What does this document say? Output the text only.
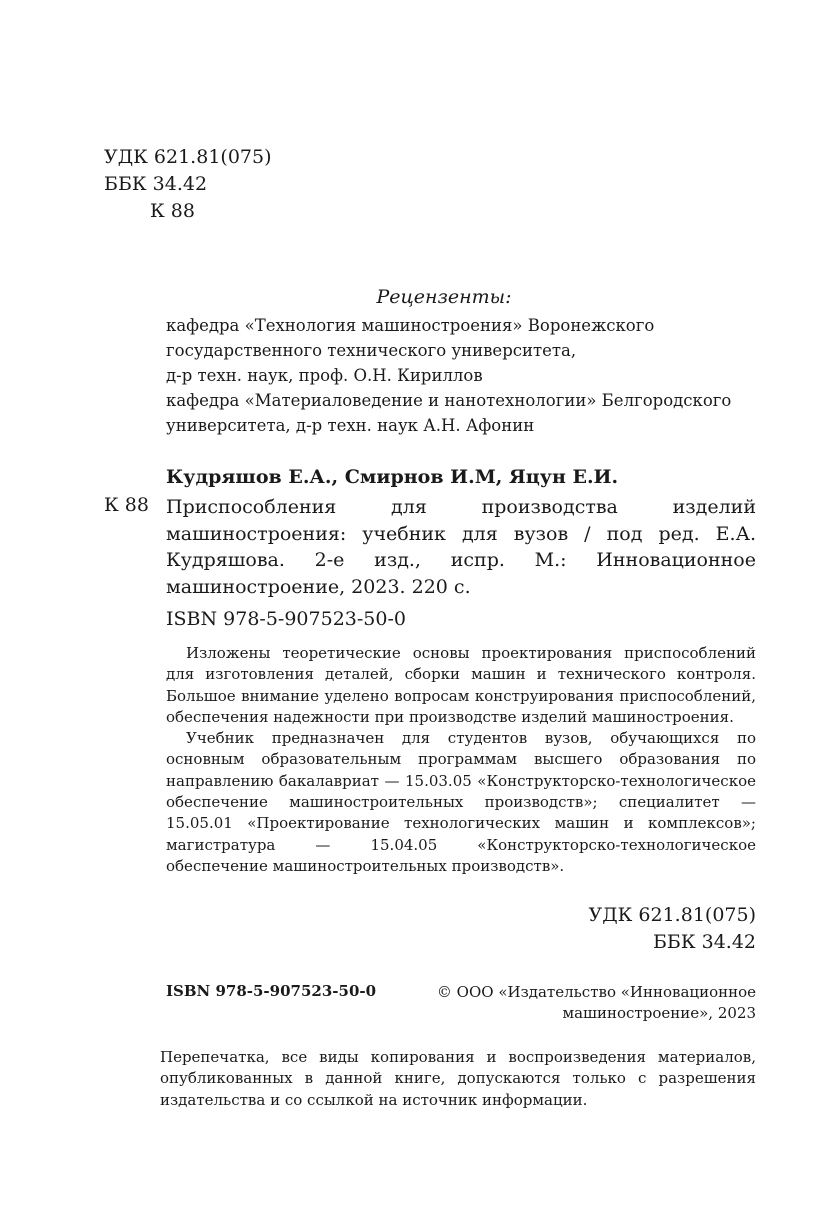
УДК 621.81(075)
ББК 34.42
К 88
Рецензенты:
кафедра «Технология машиностроения» Воронежского
государственного технического университета,
д-р техн. наук, проф. О.Н. Кириллов
кафедра «Материаловедение и нанотехнологии» Белгородского
университета, д-р техн. наук А.Н. Афонин
Кудряшов Е.А., Смирнов И.М, Яцун Е.И.
К 88 Приспособления для производства изделий машиностроения: учебник для вузов / под ред. Е.А. Кудряшова. 2-е изд., испр. М.: Инновационное машиностроение, 2023. 220 с.
ISBN 978-5-907523-50-0

Изложены теоретические основы проектирования приспособлений для изготовления деталей, сборки машин и технического контроля. Большое внимание уделено вопросам конструирования приспособлений, обеспечения надежности при производстве изделий машиностроения.

Учебник предназначен для студентов вузов, обучающихся по основным образовательным программам высшего образования по направлению бакалавриат — 15.03.05 «Конструкторско-технологическое обеспечение машиностроительных производств»; специалитет — 15.05.01 «Проектирование технологических машин и комплексов»; магистратура — 15.04.05 «Конструкторско-технологическое обеспечение машиностроительных производств».

УДК 621.81(075)
ББК 34.42
ISBN 978-5-907523-50-0	© ООО «Издательство «Инновационное машиностроение», 2023
Перепечатка, все виды копирования и воспроизведения материалов, опубликованных в данной книге, допускаются только с разрешения издательства и со ссылкой на источник информации.
